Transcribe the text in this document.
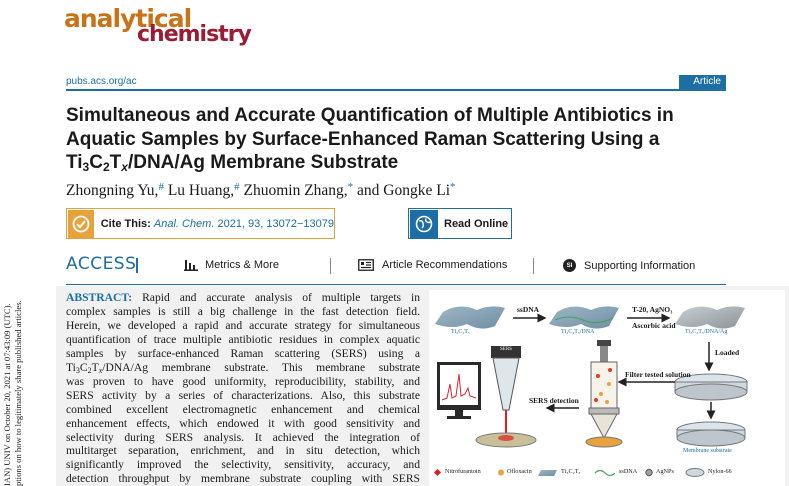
IAN) UNIV on October 20, 2021 at 07:43:09 (UTC). ptions on how to legitimately share published articles.
analytical
chemistry
pubs.acs.org/ac	Article
Simultaneous and Accurate Quantification of Multiple Antibiotics in
Aquatic Samples by Surface-Enhanced Raman Scattering Using a
$Ti_3C_2T_x/DNA/Ag$ Membrane Substrate
Zhongning Yu,# Lu Huang,# Zhuomin Zhang,* and Gongke Li*
Cite This: Anal. Chem. 2021, 93, 13072−13079	Read Online
ACCESS	Metrics & More	Article Recommendations	SI	Supporting Information
ABSTRACT: Rapid and accurate analysis of multiple targets in
complex samples is still a big challenge in the fast detection field.
Herein, we developed a rapid and accurate strategy for simultaneous
quantification of trace multiple antibiotic residues in complex aquatic
samples by surface-enhanced Raman scattering (SERS) using a
$Ti_3C_2T_x/DNA/Ag$ membrane substrate. This membrane substrate
was proven to have good uniformity, reproducibility, stability, and
SERS activity by a series of characterizations. Also, this substrate
combined excellent electromagnetic enhancement and chemical
enhancement effects, which endowed it with good sensitivity and
selectivity during SERS analysis. It achieved the integration of
multitarget separation, enrichment, and in situ detection, which
significantly improved the selectivity, sensitivity, accuracy, and
detection throughput by membrane substrate coupling with SERS
Ti₃C₂Tₓ
ssDNA
Ti₃C₂Tₓ/DNA
T-20, AgNO₃
Ascorbic acid
Ti₃C₂Tₓ/DNA/Ag
Loaded
Filter tested solution
Membrane substrate
SERS
SERS detection
Nitrofurantoin	Ofloxacin	Ti₃C₂Tₓ	ssDNA	AgNPs	Nylon-66
